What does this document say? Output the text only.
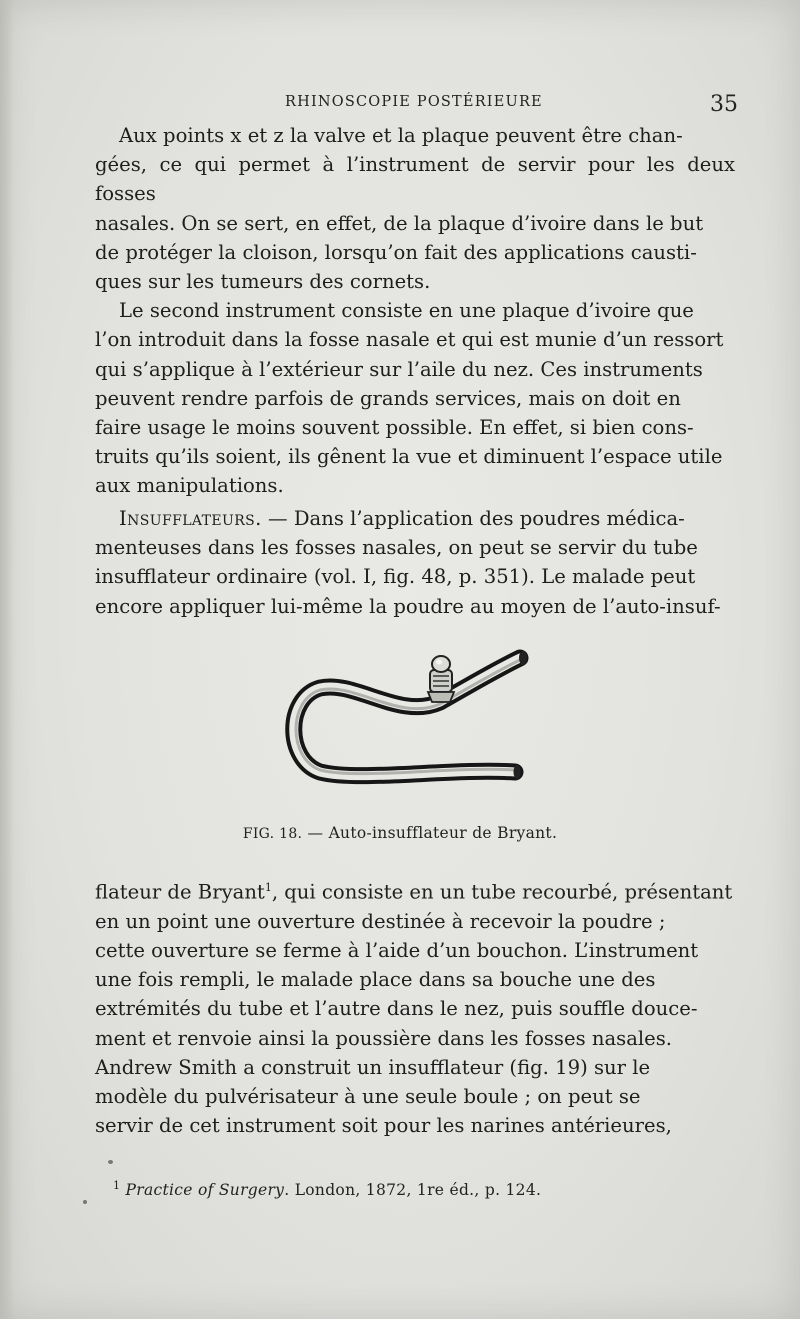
RHINOSCOPIE POSTÉRIEURE	35

Aux points x et z la valve et la plaque peuvent être chan-
gées, ce qui permet à l’instrument de servir pour les deux fosses
nasales. On se sert, en effet, de la plaque d’ivoire dans le but
de protéger la cloison, lorsqu’on fait des applications causti-
ques sur les tumeurs des cornets.

Le second instrument consiste en une plaque d’ivoire que
l’on introduit dans la fosse nasale et qui est munie d’un ressort
qui s’applique à l’extérieur sur l’aile du nez. Ces instruments
peuvent rendre parfois de grands services, mais on doit en
faire usage le moins souvent possible. En effet, si bien cons-
truits qu’ils soient, ils gênent la vue et diminuent l’espace utile
aux manipulations.

Insufflateurs. — Dans l’application des poudres médica-
menteuses dans les fosses nasales, on peut se servir du tube
insufflateur ordinaire (vol. I, fig. 48, p. 351). Le malade peut
encore appliquer lui-même la poudre au moyen de l’auto-insuf-

FIG. 18. — Auto-insufflateur de Bryant.

flateur de Bryant$^1$, qui consiste en un tube recourbé, présentant
en un point une ouverture destinée à recevoir la poudre ;
cette ouverture se ferme à l’aide d’un bouchon. L’instrument
une fois rempli, le malade place dans sa bouche une des
extrémités du tube et l’autre dans le nez, puis souffle douce-
ment et renvoie ainsi la poussière dans les fosses nasales.
Andrew Smith a construit un insufflateur (fig. 19) sur le
modèle du pulvérisateur à une seule boule ; on peut se
servir de cet instrument soit pour les narines antérieures,

$^1$ Practice of Surgery. London, 1872, 1re éd., p. 124.
